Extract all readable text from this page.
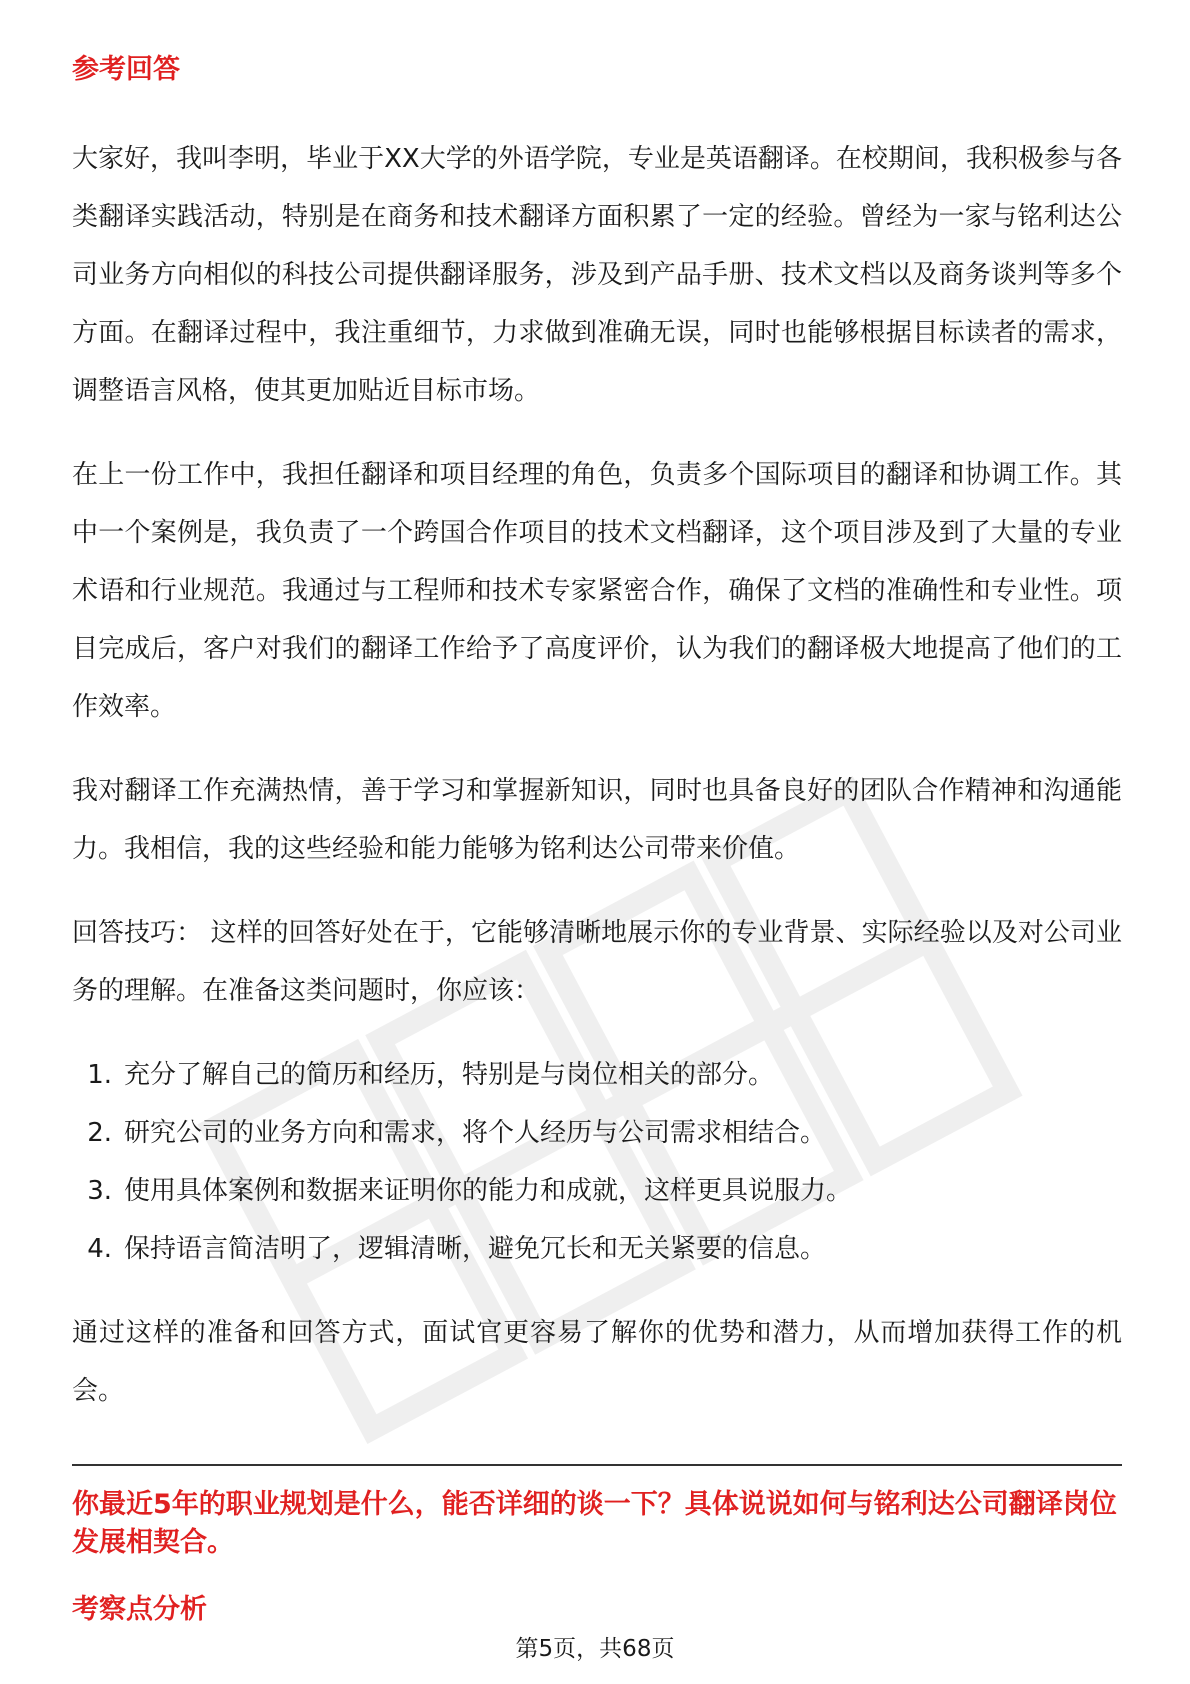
参考回答

大家好，我叫李明，毕业于XX大学的外语学院，专业是英语翻译。在校期间，我积极参与各类翻译实践活动，特别是在商务和技术翻译方面积累了一定的经验。曾经为一家与铭利达公司业务方向相似的科技公司提供翻译服务，涉及到产品手册、技术文档以及商务谈判等多个方面。在翻译过程中，我注重细节，力求做到准确无误，同时也能够根据目标读者的需求，调整语言风格，使其更加贴近目标市场。

在上一份工作中，我担任翻译和项目经理的角色，负责多个国际项目的翻译和协调工作。其中一个案例是，我负责了一个跨国合作项目的技术文档翻译，这个项目涉及到了大量的专业术语和行业规范。我通过与工程师和技术专家紧密合作，确保了文档的准确性和专业性。项目完成后，客户对我们的翻译工作给予了高度评价，认为我们的翻译极大地提高了他们的工作效率。

我对翻译工作充满热情，善于学习和掌握新知识，同时也具备良好的团队合作精神和沟通能力。我相信，我的这些经验和能力能够为铭利达公司带来价值。

回答技巧： 这样的回答好处在于，它能够清晰地展示你的专业背景、实际经验以及对公司业务的理解。在准备这类问题时，你应该：

1. 充分了解自己的简历和经历，特别是与岗位相关的部分。
2. 研究公司的业务方向和需求，将个人经历与公司需求相结合。
3. 使用具体案例和数据来证明你的能力和成就，这样更具说服力。
4. 保持语言简洁明了，逻辑清晰，避免冗长和无关紧要的信息。

通过这样的准备和回答方式，面试官更容易了解你的优势和潜力，从而增加获得工作的机会。

你最近5年的职业规划是什么，能否详细的谈一下？具体说说如何与铭利达公司翻译岗位发展相契合。
考察点分析
第5页，共68页
